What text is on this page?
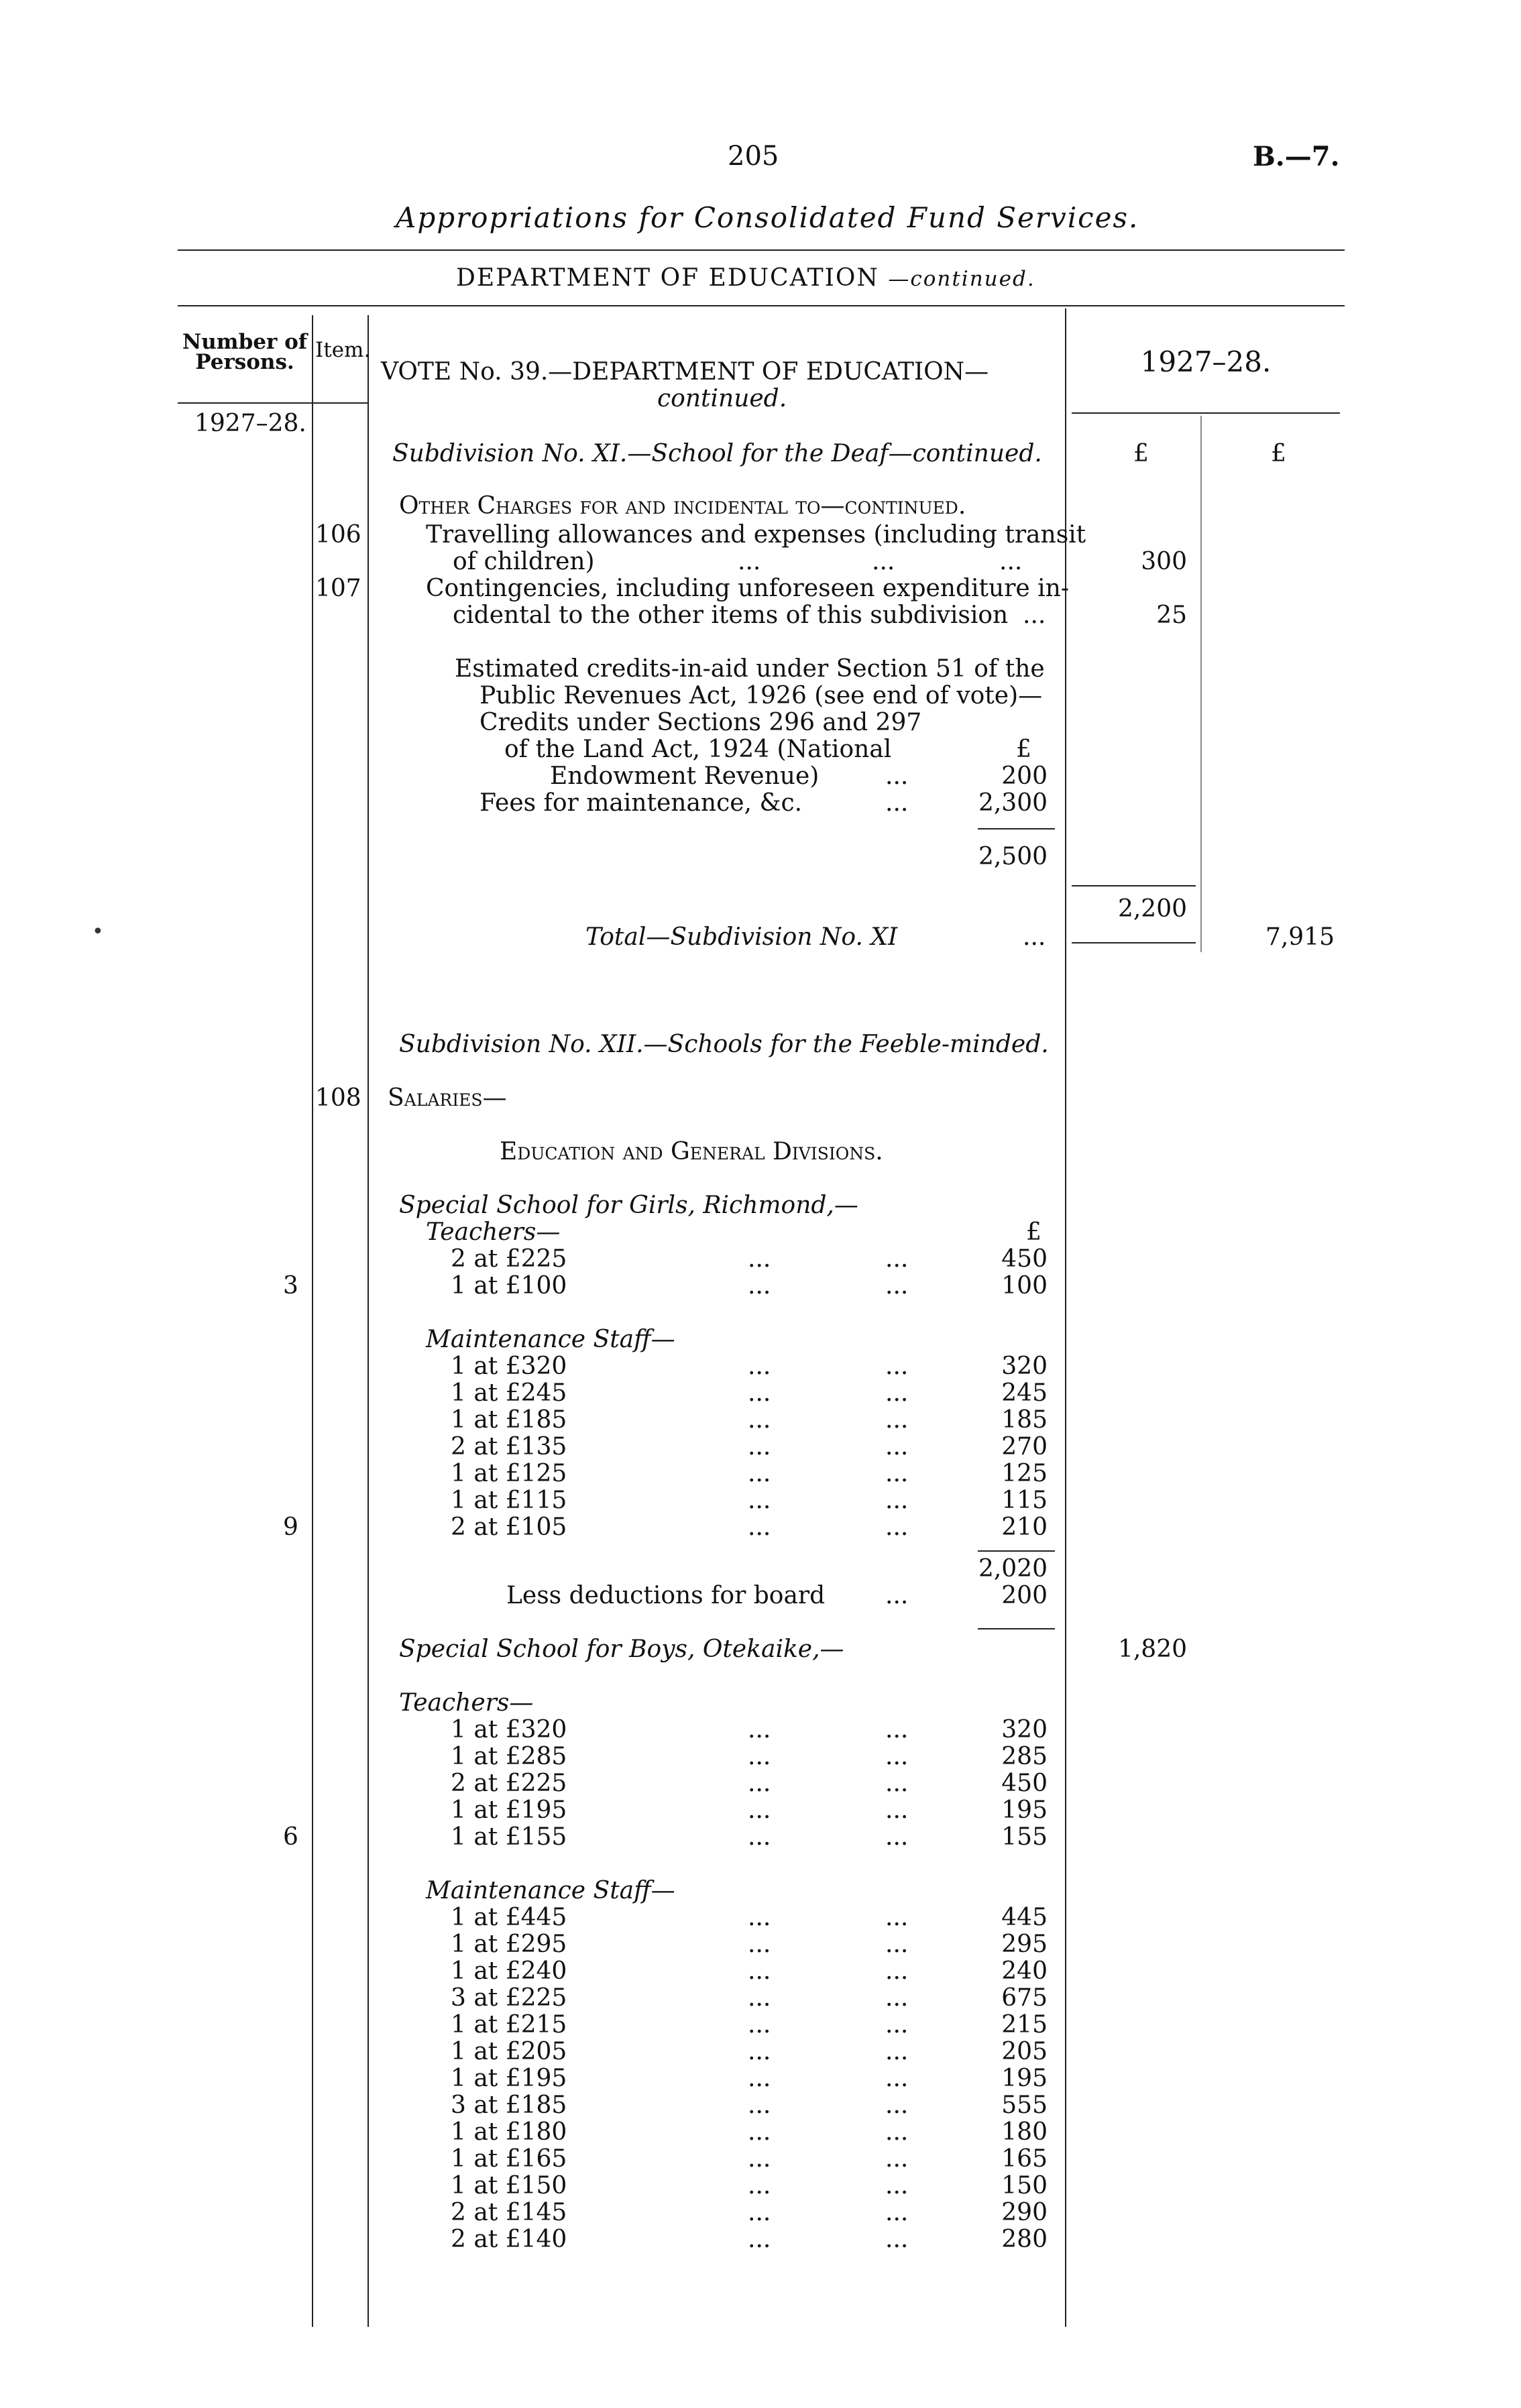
205	B.—7.
Appropriations for Consolidated Fund Services.
DEPARTMENT OF EDUCATION —continued.
Number of Persons.	Item.
VOTE No. 39.—DEPARTMENT OF EDUCATION—
continued.
1927–28.
1927–28.
Subdivision No. XI.—School for the Deaf—continued.	£	£
Other Charges for and incidental to—continued.
106	Travelling allowances and expenses (including transit
of children)	...	...	...	300
107	Contingencies, including unforeseen expenditure in-
cidental to the other items of this subdivision ...	25
Estimated credits-in-aid under Section 51 of the
Public Revenues Act, 1926 (see end of vote)—
Credits under Sections 296 and 297
of the Land Act, 1924 (National	£
Endowment Revenue)	...	200
Fees for maintenance, &c.	...	2,300
2,500
2,200
Total—Subdivision No. XI	...	7,915
•
Subdivision No. XII.—Schools for the Feeble-minded.
108 Salaries—
Education and General Divisions.
Special School for Girls, Richmond,—
Teachers—	£
2 at £225	...	...	450
1 at £100	...	...	100
3
Maintenance Staff—
1 at £320	...	...	320
1 at £245	...	...	245
1 at £185	...	...	185
2 at £135	...	...	270
1 at £125	...	...	125
1 at £115	...	...	115
2 at £105	...	...	210
9
2,020
Less deductions for board ...	200
Special School for Boys, Otekaike,—	1,820
Teachers—
1 at £320	...	...	320
1 at £285	...	...	285
2 at £225	...	...	450
1 at £195	...	...	195
1 at £155	...	...	155
6
Maintenance Staff—
1 at £445	...	...	445
1 at £295	...	...	295
1 at £240	...	...	240
3 at £225	...	...	675
1 at £215	...	...	215
1 at £205	...	...	205
1 at £195	...	...	195
3 at £185	...	...	555
1 at £180	...	...	180
1 at £165	...	...	165
1 at £150	...	...	150
2 at £145	...	...	290
2 at £140	...	...	280
